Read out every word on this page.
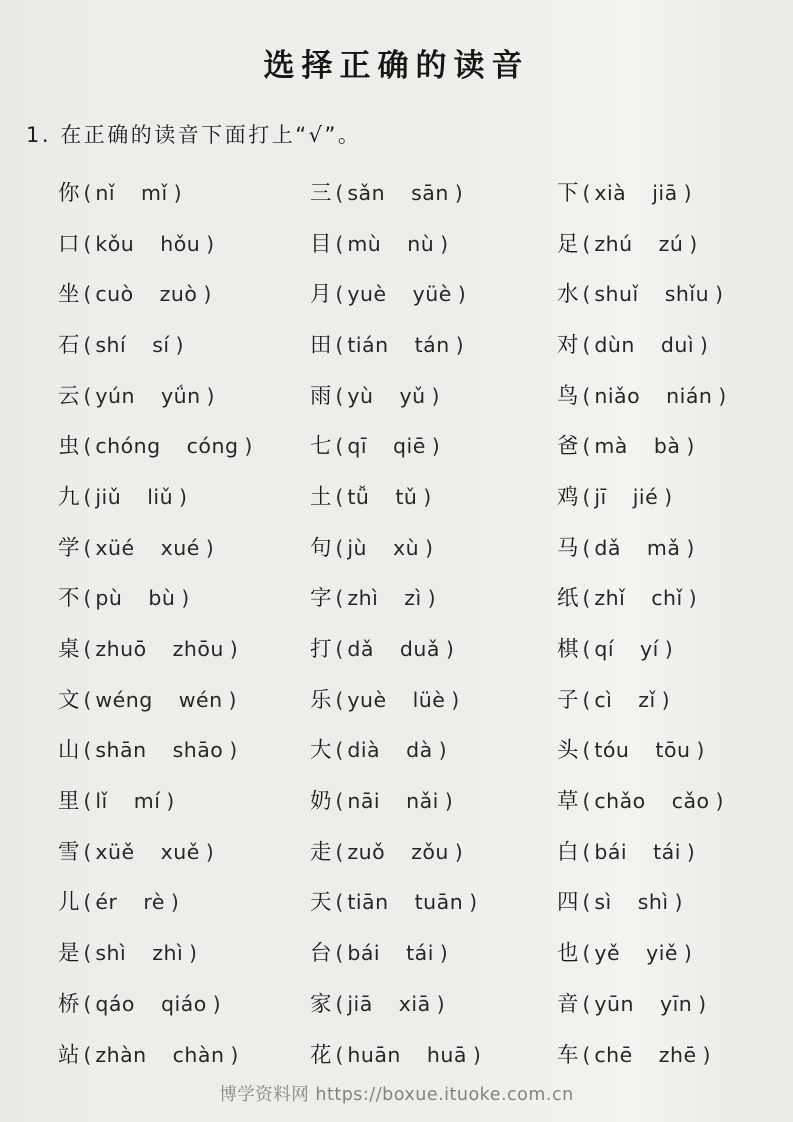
选择正确的读音
1. 在正确的读音下面打上“√”。
你 ( nǐ mǐ )	三 ( sǎn sān )	下 ( xià jiā )
口 ( kǒu hǒu )	目 ( mù nù )	足 ( zhú zú )
坐 ( cuò zuò )	月 ( yuè yüè )	水 ( shuǐ shǐu )
石 ( shí sí )	田 ( tián tán )	对 ( dùn duì )
云 ( yún yǘn )	雨 ( yù yǔ )	鸟 ( niǎo nián )
虫 ( chóng cóng )	七 ( qī qiē )	爸 ( mà bà )
九 ( jiǔ liǔ )	土 ( tǚ tǔ )	鸡 ( jī jié )
学 ( xüé xué )	句 ( jù xù )	马 ( dǎ mǎ )
不 ( pù bù )	字 ( zhì zì )	纸 ( zhǐ chǐ )
桌 ( zhuō zhōu )	打 ( dǎ duǎ )	棋 ( qí yí )
文 ( wéng wén )	乐 ( yuè lüè )	子 ( cì zǐ )
山 ( shān shāo )	大 ( dià dà )	头 ( tóu tōu )
里 ( lǐ mí )	奶 ( nāi nǎi )	草 ( chǎo cǎo )
雪 ( xüě xuě )	走 ( zuǒ zǒu )	白 ( bái tái )
儿 ( ér rè )	天 ( tiān tuān )	四 ( sì shì )
是 ( shì zhì )	台 ( bái tái )	也 ( yě yiě )
桥 ( qáo qiáo )	家 ( jiā xiā )	音 ( yūn yīn )
站 ( zhàn chàn )	花 ( huān huā )	车 ( chē zhē )
博学资料网 https://boxue.ituoke.com.cn
